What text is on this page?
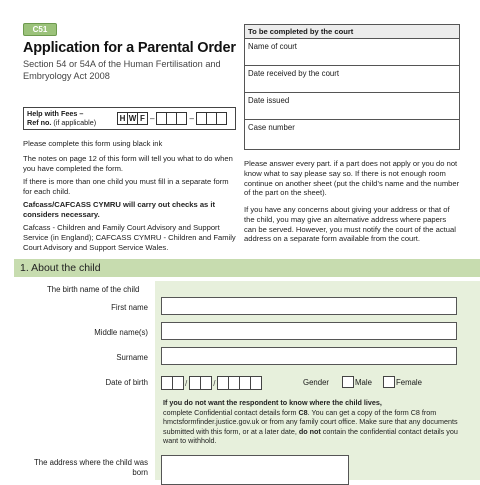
C51
Application for a Parental Order
Section 54 or 54A of the Human Fertilisation and Embryology Act 2008
To be completed by the court
Name of court
Date received by the court
Date issued
Case number
Help with Fees –
Ref no. (if applicable)	H W F –	–
Please complete this form using black ink
The notes on page 12 of this form will tell you what to do when you have completed the form.
If there is more than one child you must fill in a separate form for each child.
Cafcass/CAFCASS CYMRU will carry out checks as it considers necessary.
Cafcass - Children and Family Court Advisory and Support Service (in England); CAFCASS CYMRU - Children and Family Court Advisory and Support Service Wales.
Please answer every part. if a part does not apply or you do not know what to say please say so. If there is not enough room continue on another sheet (put the child’s name and the number of the part on the sheet).
If you have any concerns about giving your address or that of the child, you may give an alternative address where papers can be served. However, you must notify the court of the actual address on a separate form available from the court.
1. About the child
The birth name of the child
First name
Middle name(s)
Surname
Date of birth	/	/	Gender	Male	Female
If you do not want the respondent to know where the child lives,
complete Confidential contact details form C8. You can get a copy of the form C8 from hmctsformfinder.justice.gov.uk or from any family court office. Make sure that any documents submitted with this form, or at a later date, do not contain the confidential contact details you want to withhold.
The address where the child was born
